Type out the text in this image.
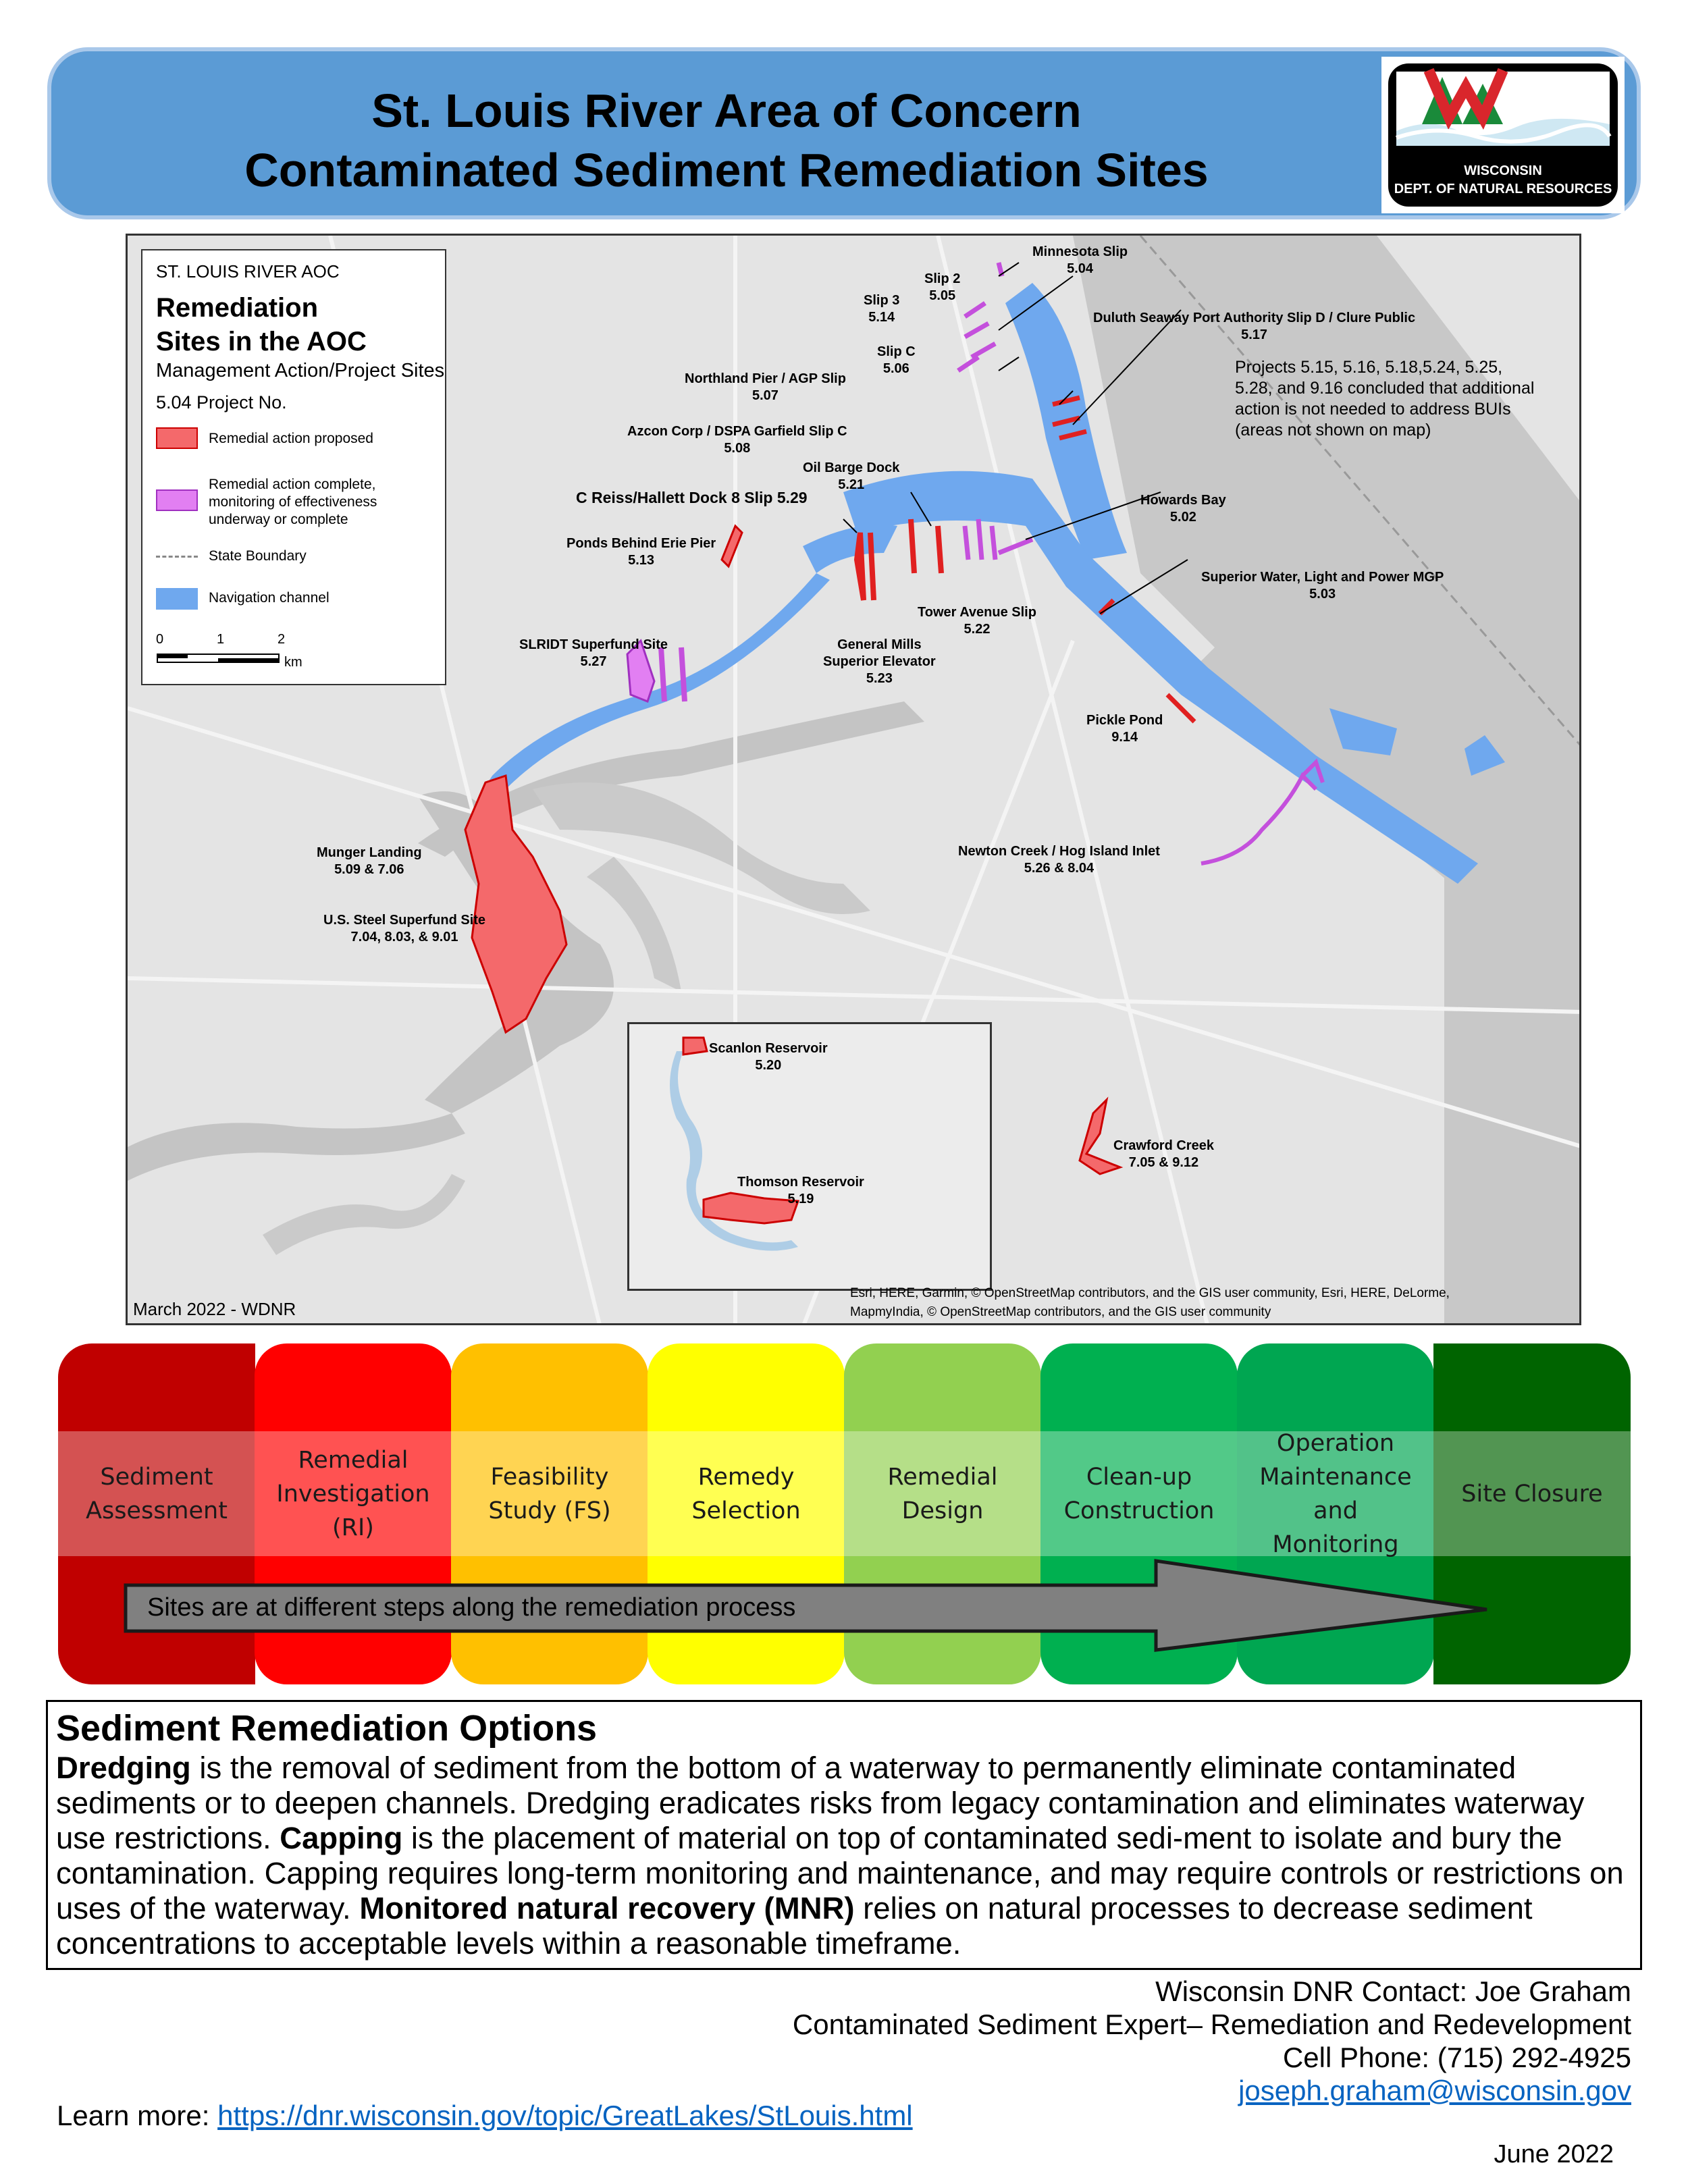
St. Louis River Area of Concern
Contaminated Sediment Remediation Sites	WISCONSIN
DEPT. OF NATURAL RESOURCES
ST. LOUIS RIVER AOC
Remediation
Sites in the AOC
Management Action/Project Sites
5.04 Project No.
Remedial action proposed
Remedial action complete, monitoring of effectiveness underway or complete
State Boundary
Navigation channel
0	1	2
km
Minnesota Slip
5.04
Slip 2
5.05
Slip 3
5.14	Duluth Seaway Port Authority Slip D / Clure Public
5.17
Slip C
5.06
Northland Pier / AGP Slip
5.07
Azcon Corp / DSPA Garfield Slip C
5.08
Oil Barge Dock
5.21
C Reiss/Hallett Dock 8 Slip 5.29	Howards Bay
5.02
Ponds Behind Erie Pier
5.13
Superior Water, Light and Power MGP
5.03
Tower Avenue Slip
5.22
SLRIDT Superfund Site
5.27
General Mills
Superior Elevator
5.23
Pickle Pond
9.14
Munger Landing
5.09 & 7.06
Newton Creek / Hog Island Inlet
5.26 & 8.04
U.S. Steel Superfund Site
7.04, 8.03, & 9.01
Crawford Creek
7.05 & 9.12
Projects 5.15, 5.16, 5.18,5.24, 5.25,
5.28, and 9.16 concluded that additional
action is not needed to address BUIs
(areas not shown on map)
Scanlon Reservoir
5.20
Thomson Reservoir
5.19
March 2022 - WDNR
Esri, HERE, Garmin, © OpenStreetMap contributors, and the GIS user community, Esri, HERE, DeLorme,
MapmyIndia, © OpenStreetMap contributors, and the GIS user community
Sediment Assessment
Remedial Investigation (RI)
Feasibility Study (FS)
Remedy Selection
Remedial Design
Clean-up Construction
Operation Maintenance and Monitoring
Site Closure
Sites are at different steps along the remediation process
Sediment Remediation Options
Dredging is the removal of sediment from the bottom of a waterway to permanently eliminate contaminated sediments or to deepen channels. Dredging eradicates risks from legacy contamination and eliminates waterway use restrictions. Capping is the placement of material on top of contaminated sedi-ment to isolate and bury the contamination. Capping requires long-term monitoring and maintenance, and may require controls or restrictions on uses of the waterway. Monitored natural recovery (MNR) relies on natural processes to decrease sediment concentrations to acceptable levels within a reasonable timeframe.
Wisconsin DNR Contact: Joe Graham
Contaminated Sediment Expert– Remediation and Redevelopment
Cell Phone: (715) 292-4925
joseph.graham@wisconsin.gov
Learn more: https://dnr.wisconsin.gov/topic/GreatLakes/StLouis.html
June 2022
